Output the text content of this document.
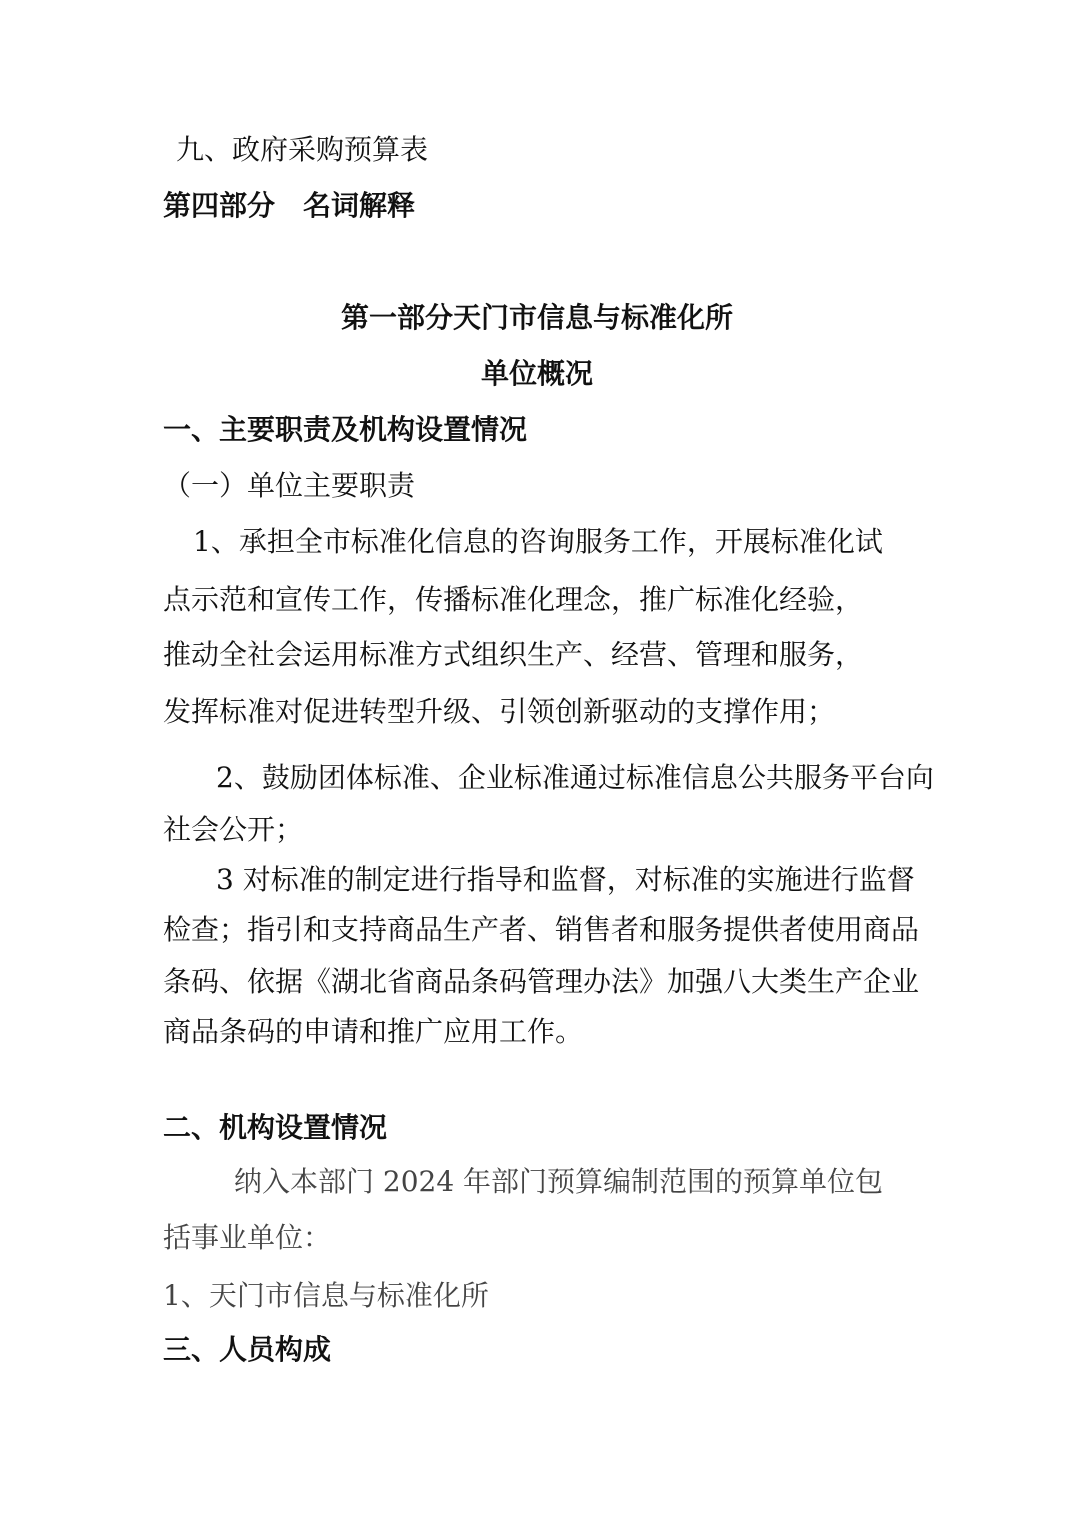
九、政府采购预算表

第四部分　名词解释

第一部分天门市信息与标准化所

单位概况

一、主要职责及机构设置情况

（一）单位主要职责

1、承担全市标准化信息的咨询服务工作，开展标准化试

点示范和宣传工作，传播标准化理念，推广标准化经验，

推动全社会运用标准方式组织生产、经营、管理和服务，

发挥标准对促进转型升级、引领创新驱动的支撑作用；

2、鼓励团体标准、企业标准通过标准信息公共服务平台向

社会公开；

3 对标准的制定进行指导和监督，对标准的实施进行监督

检查；指引和支持商品生产者、销售者和服务提供者使用商品

条码、依据《湖北省商品条码管理办法》加强八大类生产企业

商品条码的申请和推广应用工作。

二、机构设置情况

纳入本部门 2024 年部门预算编制范围的预算单位包

括事业单位：

1、天门市信息与标准化所

三、人员构成
